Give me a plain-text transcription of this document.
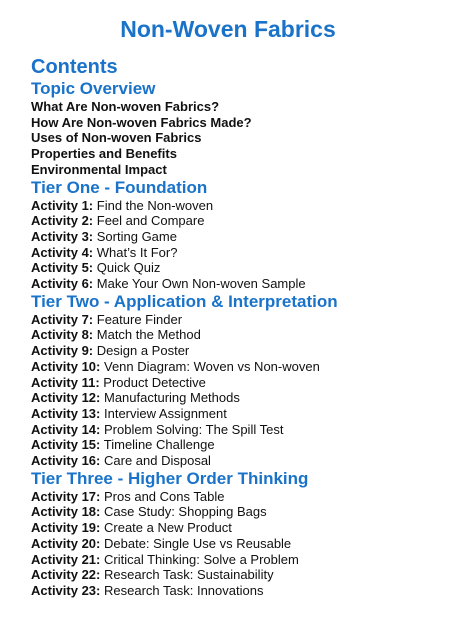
Non-Woven Fabrics
Contents
Topic Overview
What Are Non-woven Fabrics?
How Are Non-woven Fabrics Made?
Uses of Non-woven Fabrics
Properties and Benefits
Environmental Impact
Tier One - Foundation
Activity 1: Find the Non-woven
Activity 2: Feel and Compare
Activity 3: Sorting Game
Activity 4: What’s It For?
Activity 5: Quick Quiz
Activity 6: Make Your Own Non-woven Sample
Tier Two - Application & Interpretation
Activity 7: Feature Finder
Activity 8: Match the Method
Activity 9: Design a Poster
Activity 10: Venn Diagram: Woven vs Non-woven
Activity 11: Product Detective
Activity 12: Manufacturing Methods
Activity 13: Interview Assignment
Activity 14: Problem Solving: The Spill Test
Activity 15: Timeline Challenge
Activity 16: Care and Disposal
Tier Three - Higher Order Thinking
Activity 17: Pros and Cons Table
Activity 18: Case Study: Shopping Bags
Activity 19: Create a New Product
Activity 20: Debate: Single Use vs Reusable
Activity 21: Critical Thinking: Solve a Problem
Activity 22: Research Task: Sustainability
Activity 23: Research Task: Innovations
